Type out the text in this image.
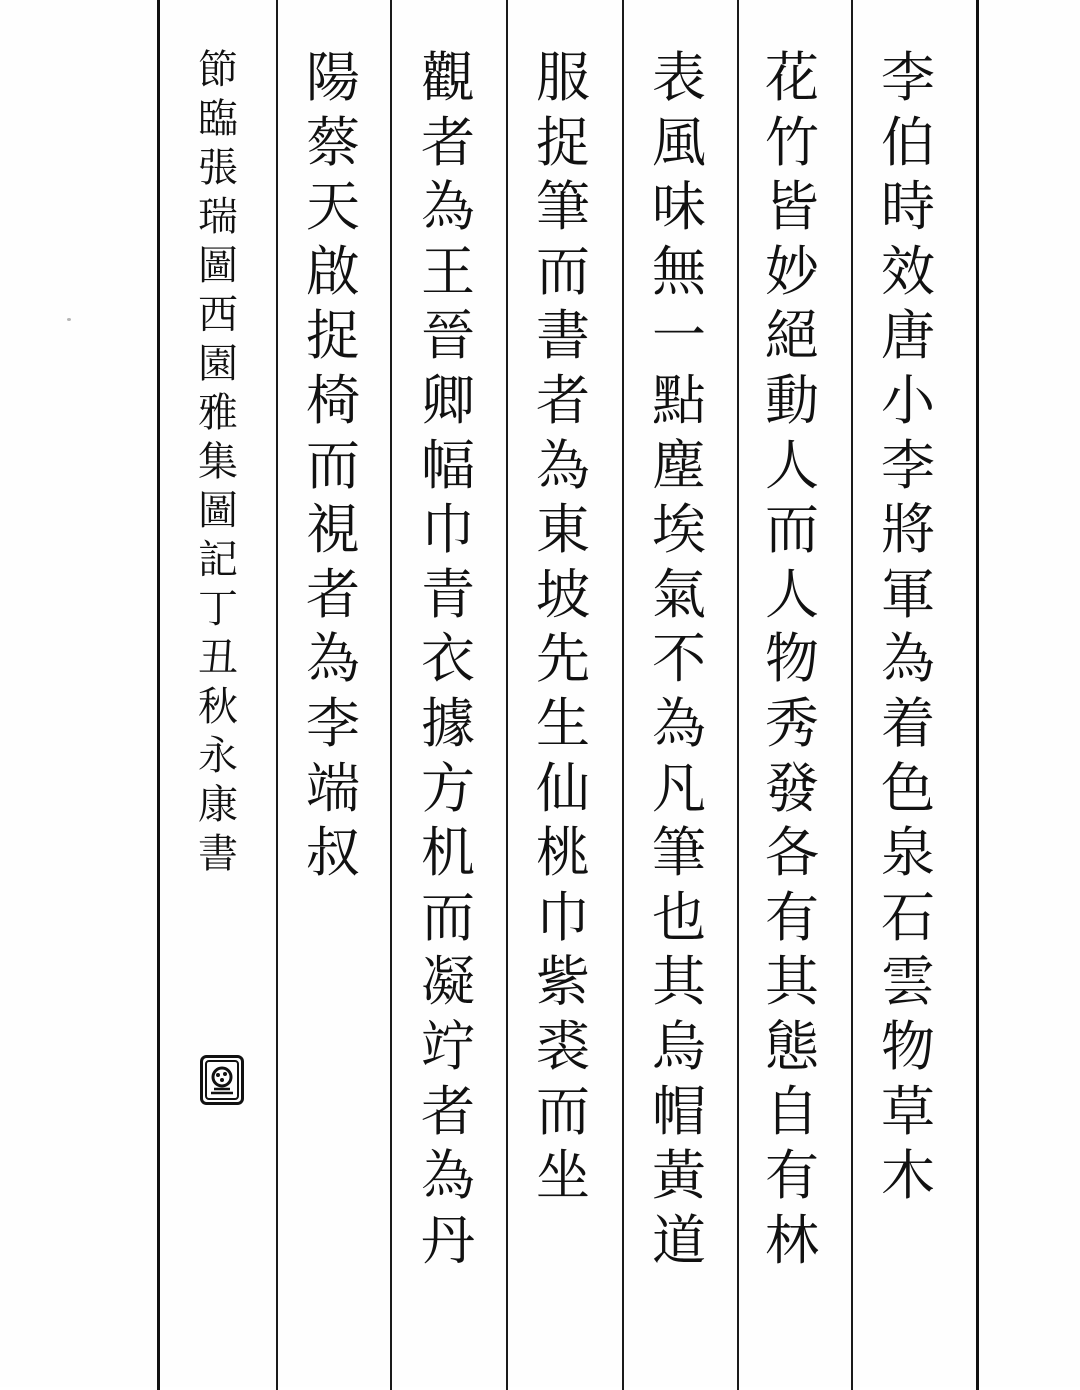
李
伯
時
效
唐
小
李
將
軍
為
着
色
泉
石
雲
物
草
木
花
竹
皆
妙
絕
動
人
而
人
物
秀
發
各
有
其
態
自
有
林
表
風
味
無
一
點
塵
埃
氣
不
為
凡
筆
也
其
烏
帽
黃
道
服
捉
筆
而
書
者
為
東
坡
先
生
仙
桃
巾
紫
裘
而
坐
觀
者
為
王
晉
卿
幅
巾
青
衣
據
方
机
而
凝
竚
者
為
丹
陽
蔡
天
啟
捉
椅
而
視
者
為
李
端
叔
節
臨
張
瑞
圖
西
園
雅
集
圖
記
丁
丑
秋
永
康
書
